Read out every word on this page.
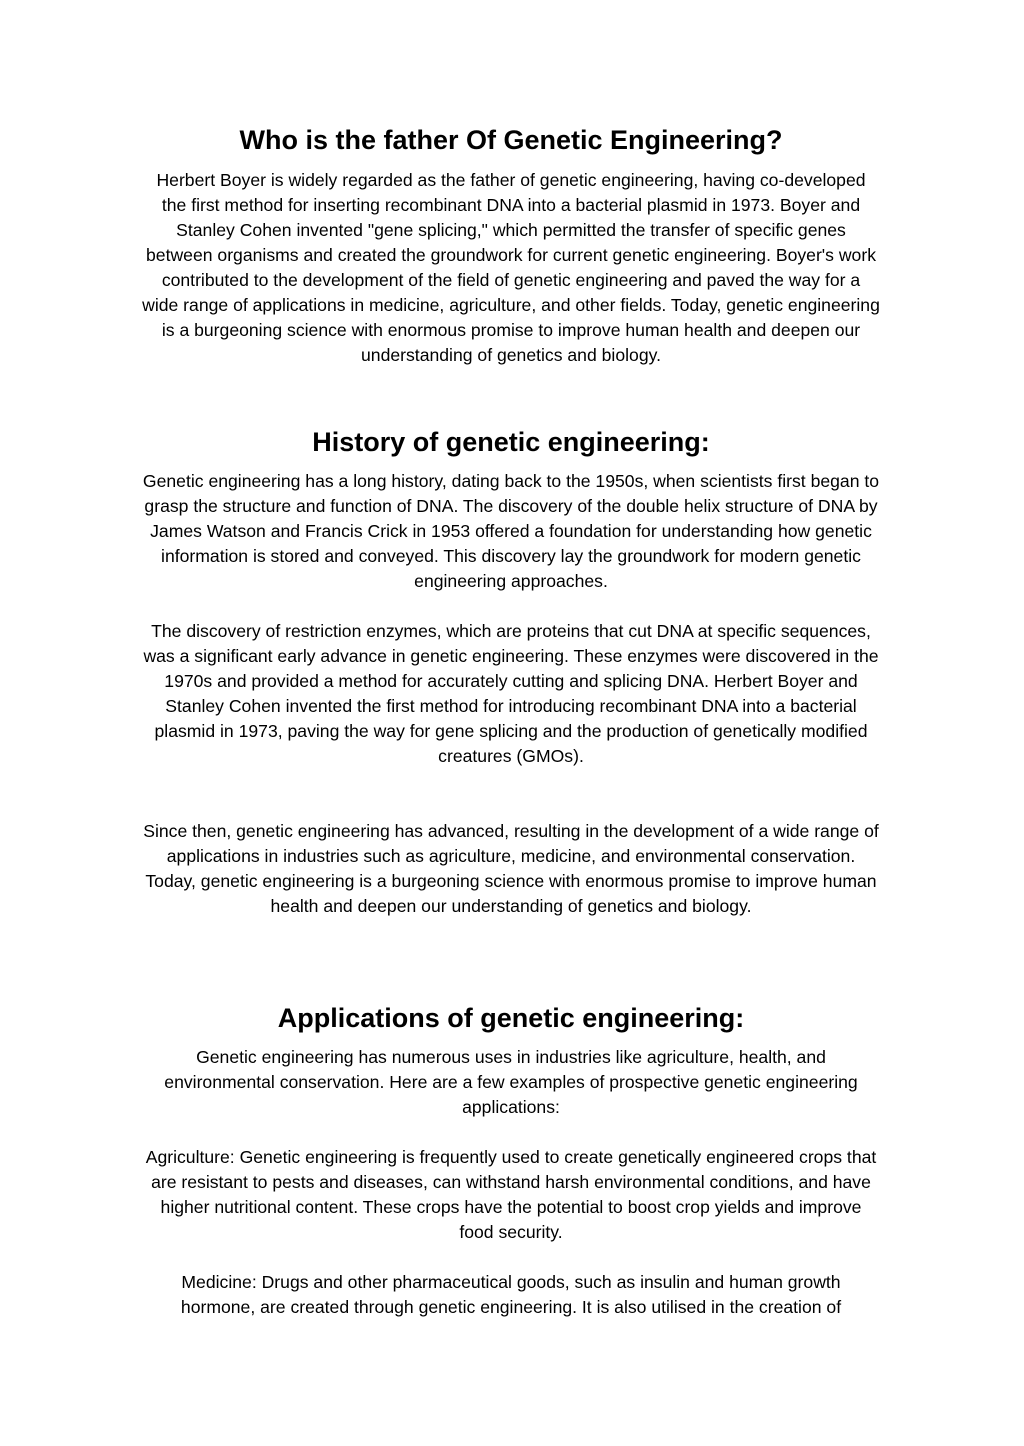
Who is the father Of Genetic Engineering?

Herbert Boyer is widely regarded as the father of genetic engineering, having co-developed the first method for inserting recombinant DNA into a bacterial plasmid in 1973. Boyer and Stanley Cohen invented "gene splicing," which permitted the transfer of specific genes between organisms and created the groundwork for current genetic engineering. Boyer's work contributed to the development of the field of genetic engineering and paved the way for a wide range of applications in medicine, agriculture, and other fields. Today, genetic engineering is a burgeoning science with enormous promise to improve human health and deepen our understanding of genetics and biology.

History of genetic engineering:

Genetic engineering has a long history, dating back to the 1950s, when scientists first began to grasp the structure and function of DNA. The discovery of the double helix structure of DNA by James Watson and Francis Crick in 1953 offered a foundation for understanding how genetic information is stored and conveyed. This discovery lay the groundwork for modern genetic engineering approaches.

The discovery of restriction enzymes, which are proteins that cut DNA at specific sequences, was a significant early advance in genetic engineering. These enzymes were discovered in the 1970s and provided a method for accurately cutting and splicing DNA. Herbert Boyer and Stanley Cohen invented the first method for introducing recombinant DNA into a bacterial plasmid in 1973, paving the way for gene splicing and the production of genetically modified creatures (GMOs).

Since then, genetic engineering has advanced, resulting in the development of a wide range of applications in industries such as agriculture, medicine, and environmental conservation. Today, genetic engineering is a burgeoning science with enormous promise to improve human health and deepen our understanding of genetics and biology.

Applications of genetic engineering:

Genetic engineering has numerous uses in industries like agriculture, health, and environmental conservation. Here are a few examples of prospective genetic engineering applications:

Agriculture: Genetic engineering is frequently used to create genetically engineered crops that are resistant to pests and diseases, can withstand harsh environmental conditions, and have higher nutritional content. These crops have the potential to boost crop yields and improve food security.

Medicine: Drugs and other pharmaceutical goods, such as insulin and human growth hormone, are created through genetic engineering. It is also utilised in the creation of
